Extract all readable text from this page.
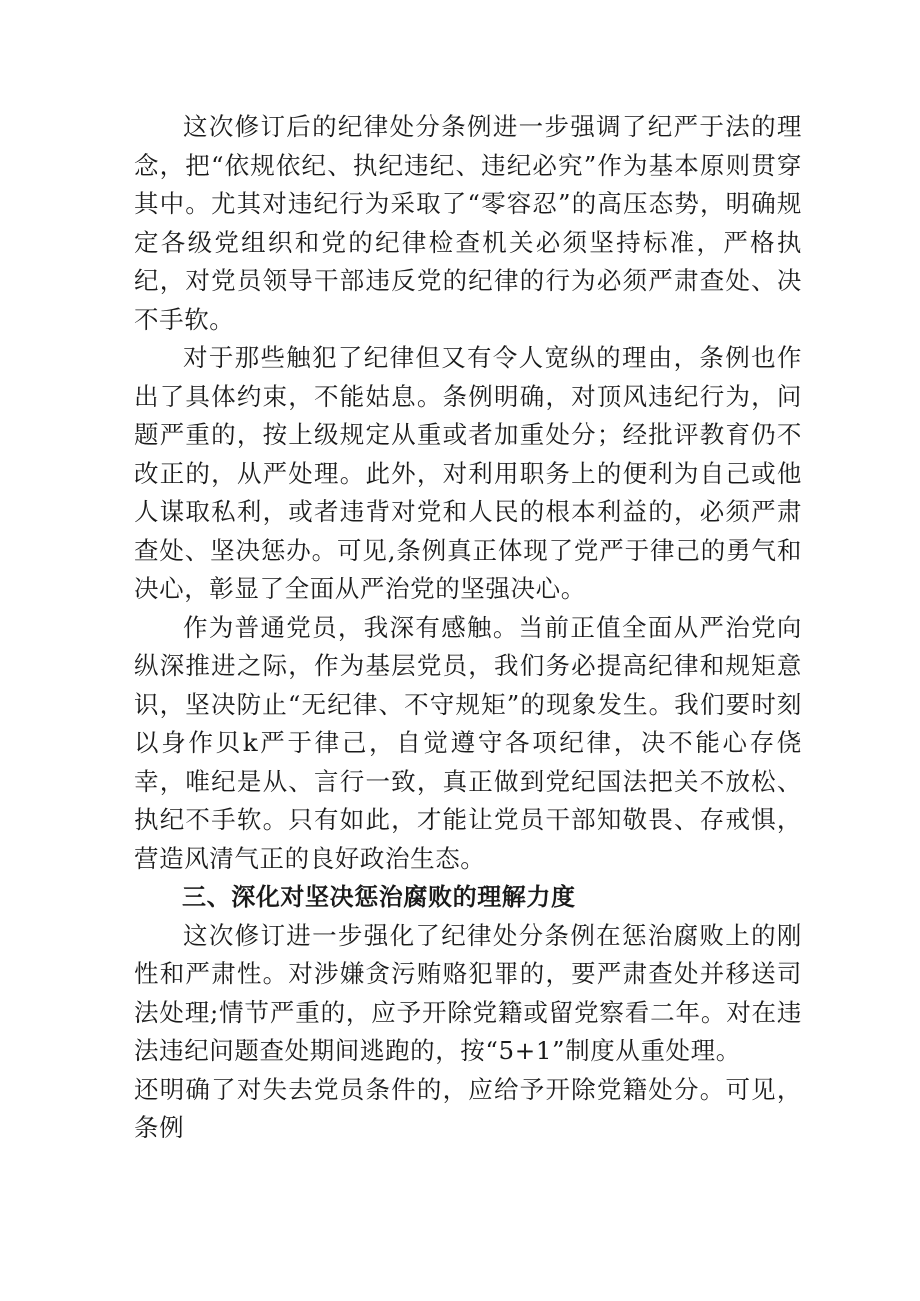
这次修订后的纪律处分条例进一步强调了纪严于法的理念，把“依规依纪、执纪违纪、违纪必究”作为基本原则贯穿其中。尤其对违纪行为采取了“零容忍”的高压态势，明确规定各级党组织和党的纪律检查机关必须坚持标准，严格执纪，对党员领导干部违反党的纪律的行为必须严肃查处、决不手软。

对于那些触犯了纪律但又有令人宽纵的理由，条例也作出了具体约束，不能姑息。条例明确，对顶风违纪行为，问题严重的，按上级规定从重或者加重处分；经批评教育仍不改正的，从严处理。此外，对利用职务上的便利为自己或他人谋取私利，或者违背对党和人民的根本利益的，必须严肃查处、坚决惩办。可见,条例真正体现了党严于律己的勇气和决心，彰显了全面从严治党的坚强决心。

作为普通党员，我深有感触。当前正值全面从严治党向纵深推进之际，作为基层党员，我们务必提高纪律和规矩意识，坚决防止“无纪律、不守规矩”的现象发生。我们要时刻以身作贝k严于律己，自觉遵守各项纪律，决不能心存侥幸，唯纪是从、言行一致，真正做到党纪国法把关不放松、执纪不手软。只有如此，才能让党员干部知敬畏、存戒惧，营造风清气正的良好政治生态。

三、深化对坚决惩治腐败的理解力度

这次修订进一步强化了纪律处分条例在惩治腐败上的刚性和严肃性。对涉嫌贪污贿赂犯罪的，要严肃查处并移送司法处理;情节严重的，应予开除党籍或留党察看二年。对在违法违纪问题查处期间逃跑的，按“5+1”制度从重处理。

还明确了对失去党员条件的，应给予开除党籍处分。可见，条例
